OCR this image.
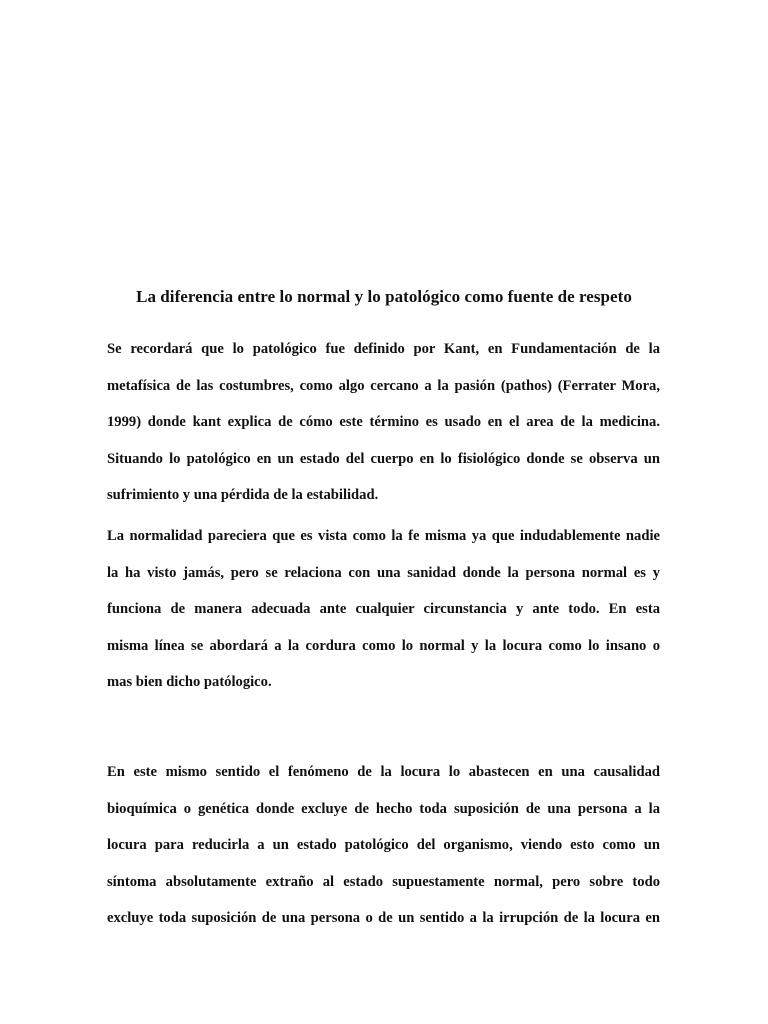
La diferencia entre lo normal y lo patológico como fuente de respeto
Se recordará que lo patológico fue definido por Kant, en Fundamentación de la
metafísica de las costumbres, como algo cercano a la pasión (pathos) (Ferrater Mora,
1999) donde kant explica de cómo este término es usado en el area de la medicina.
Situando lo patológico en un estado del cuerpo en lo fisiológico donde se observa un
sufrimiento y una pérdida de la estabilidad.
La normalidad pareciera que es vista como la fe misma ya que indudablemente nadie
la ha visto jamás, pero se relaciona con una sanidad donde la persona normal es y
funciona de manera adecuada ante cualquier circunstancia y ante todo. En esta
misma línea se abordará a la cordura como lo normal y la locura como lo insano o
mas bien dicho patólogico.
En este mismo sentido el fenómeno de la locura lo abastecen en una causalidad
bioquímica o genética donde excluye de hecho toda suposición de una persona a la
locura para reducirla a un estado patológico del organismo, viendo esto como un
síntoma absolutamente extraño al estado supuestamente normal, pero sobre todo
excluye toda suposición de una persona o de un sentido a la irrupción de la locura en
